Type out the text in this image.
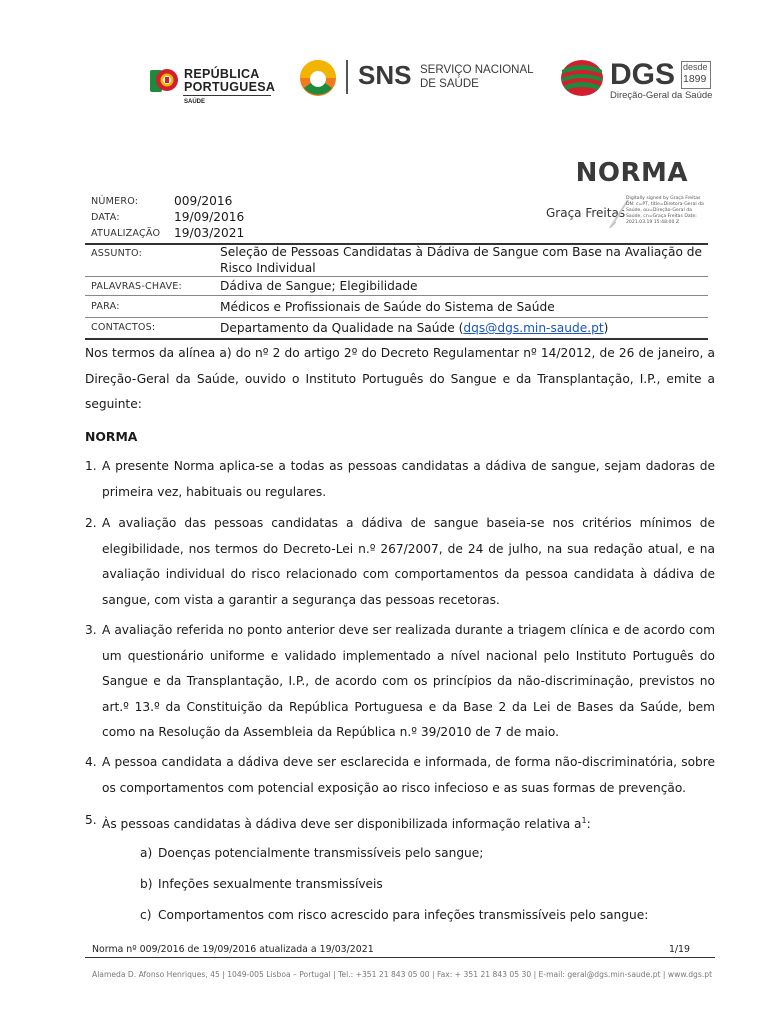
REPÚBLICA
PORTUGUESA
SAÚDE
SNS SERVIÇO NACIONAL
DE SAÚDE	DGS desde
1899
Direção-Geral da Saúde
NORMA
Graça Freitas
Digitally signed by Graça Freitas DN: c=PT, title=Diretora-Geral da Saúde, ou=Direção-Geral da Saúde, cn=Graça Freitas Date: 2021.03.19 15:48:00 Z
NÚMERO:	009/2016
DATA:	19/09/2016
ATUALIZAÇÃO 19/03/2021
ASSUNTO:	Seleção de Pessoas Candidatas à Dádiva de Sangue com Base na Avaliação de Risco Individual
PALAVRAS-CHAVE:	Dádiva de Sangue; Elegibilidade
PARA:	Médicos e Profissionais de Saúde do Sistema de Saúde
CONTACTOS:	Departamento da Qualidade na Saúde (dqs@dgs.min-saude.pt)
Nos termos da alínea a) do nº 2 do artigo 2º do Decreto Regulamentar nº 14/2012, de 26 de janeiro, a Direção-Geral da Saúde, ouvido o Instituto Português do Sangue e da Transplantação, I.P., emite a seguinte:
NORMA
1. A presente Norma aplica-se a todas as pessoas candidatas a dádiva de sangue, sejam dadoras de primeira vez, habituais ou regulares.
2. A avaliação das pessoas candidatas a dádiva de sangue baseia-se nos critérios mínimos de elegibilidade, nos termos do Decreto-Lei n.º 267/2007, de 24 de julho, na sua redação atual, e na avaliação individual do risco relacionado com comportamentos da pessoa candidata à dádiva de sangue, com vista a garantir a segurança das pessoas recetoras.
3. A avaliação referida no ponto anterior deve ser realizada durante a triagem clínica e de acordo com um questionário uniforme e validado implementado a nível nacional pelo Instituto Português do Sangue e da Transplantação, I.P., de acordo com os princípios da não-discriminação, previstos no art.º 13.º da Constituição da República Portuguesa e da Base 2 da Lei de Bases da Saúde, bem como na Resolução da Assembleia da República n.º 39/2010 de 7 de maio.
4. A pessoa candidata a dádiva deve ser esclarecida e informada, de forma não-discriminatória, sobre os comportamentos com potencial exposição ao risco infecioso e as suas formas de prevenção.
5. Às pessoas candidatas à dádiva deve ser disponibilizada informação relativa $a^1$:
a) Doenças potencialmente transmissíveis pelo sangue;
b) Infeções sexualmente transmissíveis
c) Comportamentos com risco acrescido para infeções transmissíveis pelo sangue:
Norma nº 009/2016 de 19/09/2016 atualizada a 19/03/2021	1/19
Alameda D. Afonso Henriques, 45 | 1049-005 Lisboa – Portugal | Tel.: +351 21 843 05 00 | Fax: + 351 21 843 05 30 | E-mail: geral@dgs.min-saude.pt | www.dgs.pt
